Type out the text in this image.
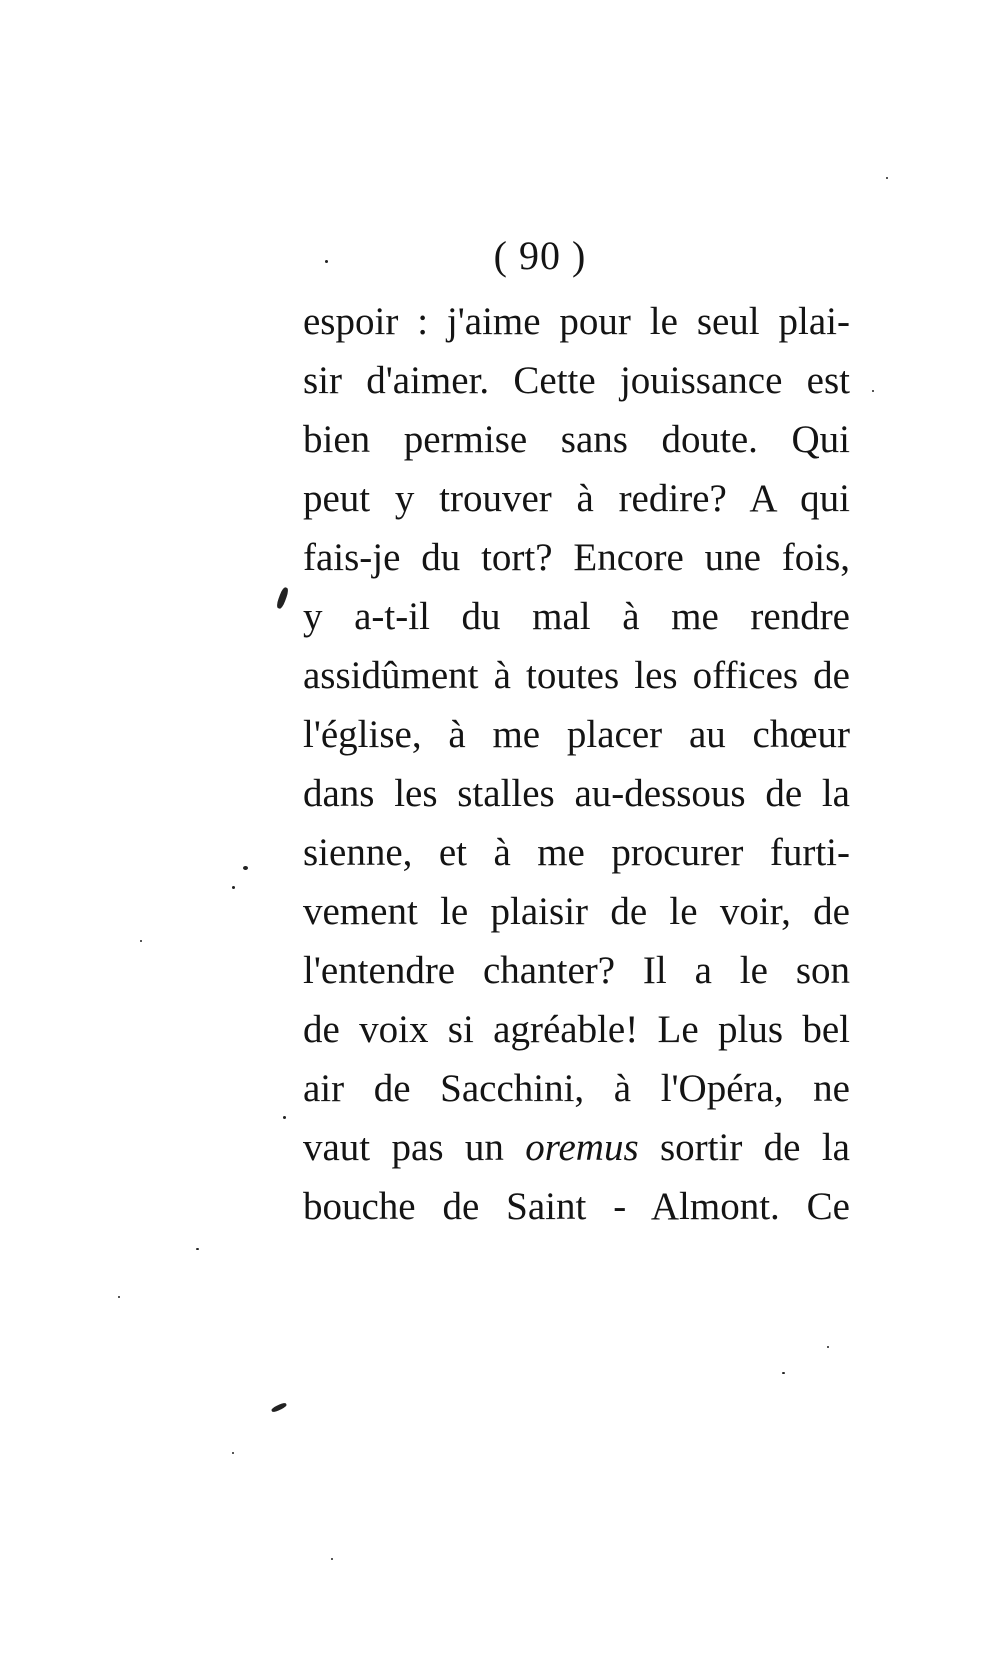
( 90 )
espoir : j'aime pour le seul plai-
sir d'aimer. Cette jouissance est
bien permise sans doute. Qui
peut y trouver à redire? A qui
fais-je du tort? Encore une fois,
y a-t-il du mal à me rendre
assidûment à toutes les offices de
l'église, à me placer au chœur
dans les stalles au-dessous de la
sienne, et à me procurer furti-
vement le plaisir de le voir, de
l'entendre chanter? Il a le son
de voix si agréable! Le plus bel
air de Sacchini, à l'Opéra, ne
vaut pas un oremus sortir de la
bouche de Saint - Almont. Ce
